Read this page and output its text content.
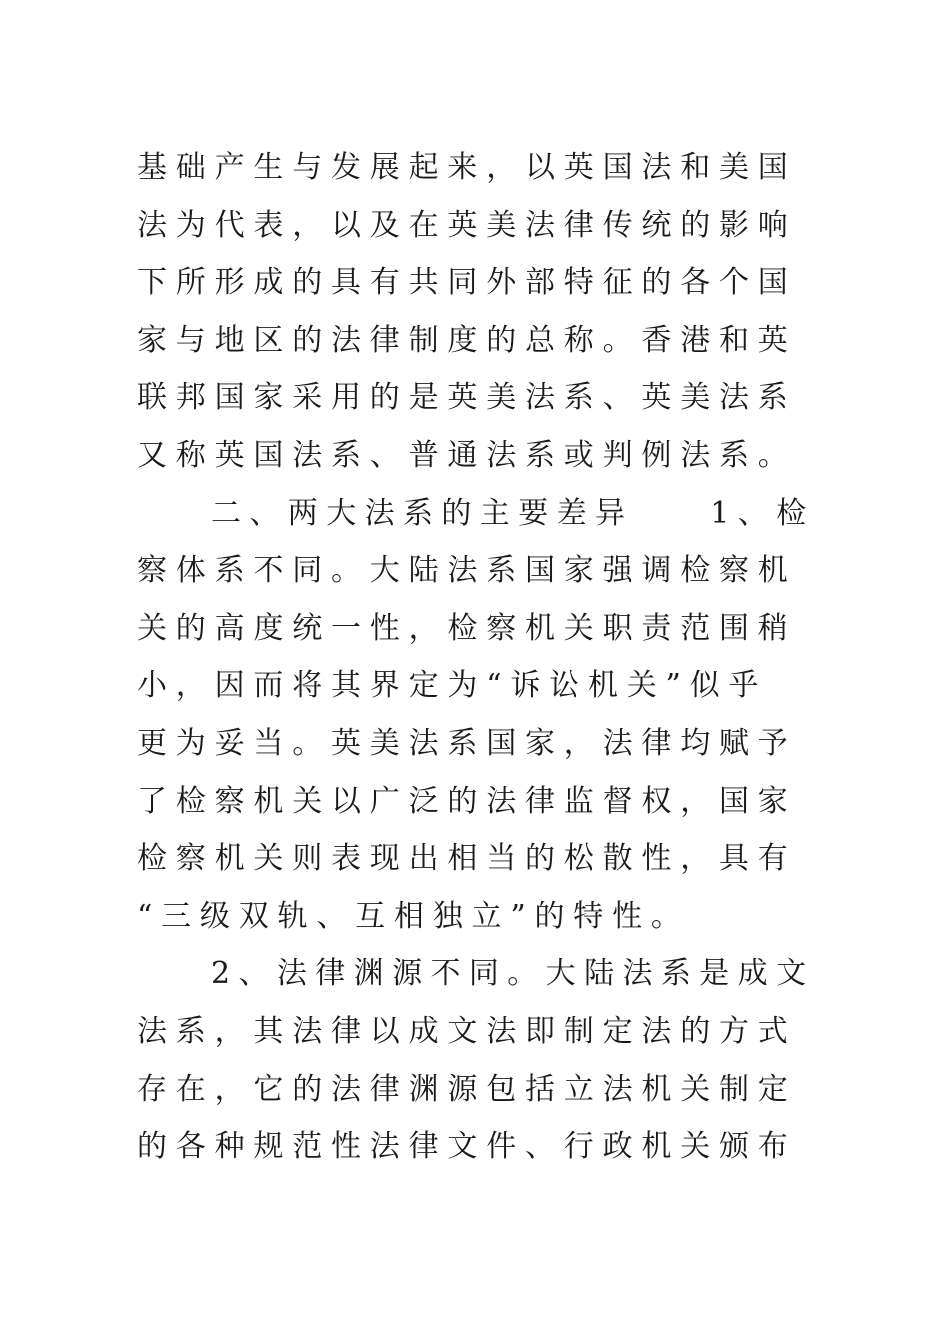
基础产生与发展起来，以英国法和美国
法为代表，以及在英美法律传统的影响
下所形成的具有共同外部特征的各个国
家与地区的法律制度的总称。香港和英
联邦国家采用的是英美法系、英美法系
又称英国法系、普通法系或判例法系。
二、两大法系的主要差异　　1、检
察体系不同。大陆法系国家强调检察机
关的高度统一性，检察机关职责范围稍
小，因而将其界定为“诉讼机关”似乎
更为妥当。英美法系国家，法律均赋予
了检察机关以广泛的法律监督权，国家
检察机关则表现出相当的松散性，具有
“三级双轨、互相独立”的特性。
2、法律渊源不同。大陆法系是成文
法系，其法律以成文法即制定法的方式
存在，它的法律渊源包括立法机关制定
的各种规范性法律文件、行政机关颁布
